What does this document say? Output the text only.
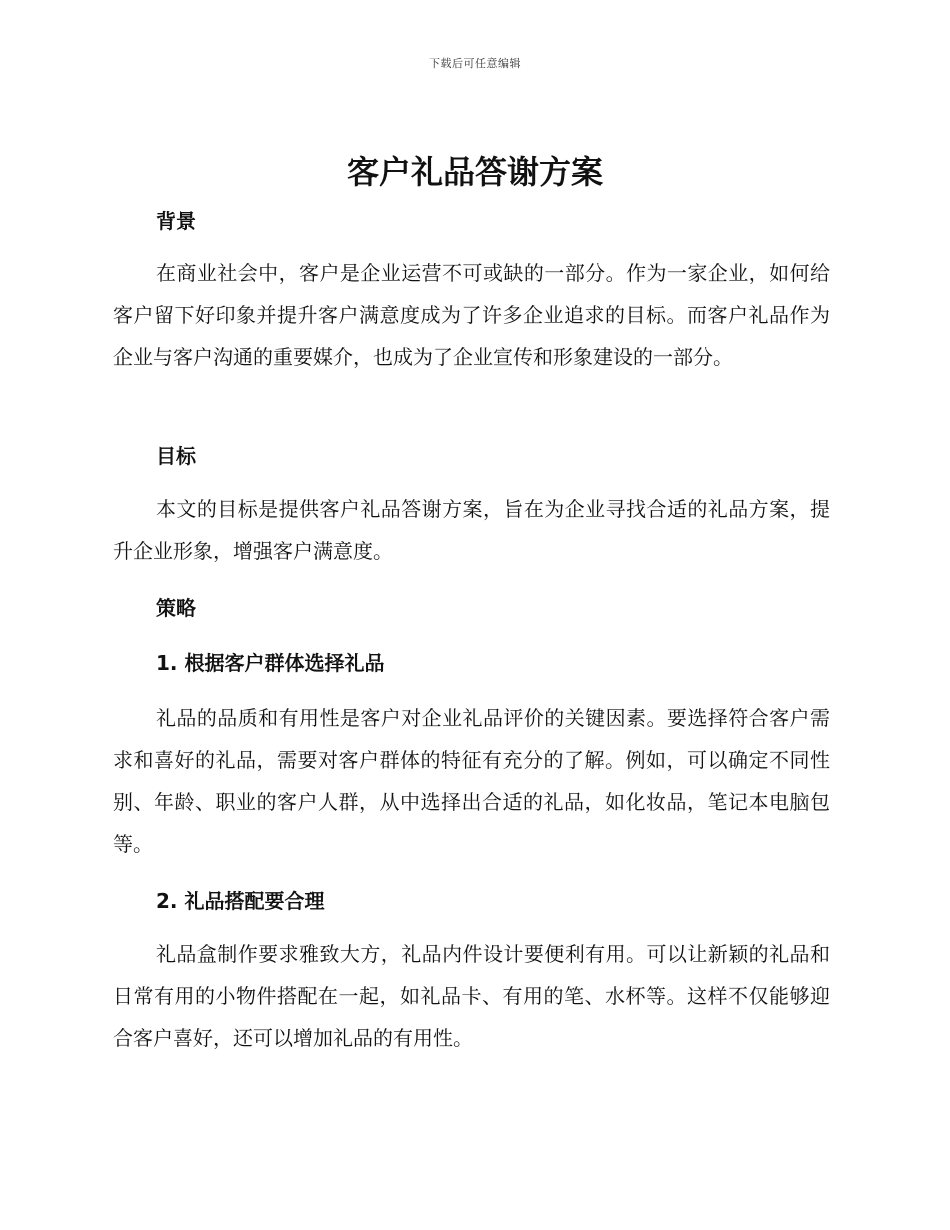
下载后可任意编辑
客户礼品答谢方案
背景

在商业社会中，客户是企业运营不可或缺的一部分。作为一家企业，如何给客户留下好印象并提升客户满意度成为了许多企业追求的目标。而客户礼品作为企业与客户沟通的重要媒介，也成为了企业宣传和形象建设的一部分。

目标

本文的目标是提供客户礼品答谢方案，旨在为企业寻找合适的礼品方案，提升企业形象，增强客户满意度。

策略
1. 根据客户群体选择礼品

礼品的品质和有用性是客户对企业礼品评价的关键因素。要选择符合客户需求和喜好的礼品，需要对客户群体的特征有充分的了解。例如，可以确定不同性别、年龄、职业的客户人群，从中选择出合适的礼品，如化妆品，笔记本电脑包等。

2. 礼品搭配要合理

礼品盒制作要求雅致大方，礼品内件设计要便利有用。可以让新颖的礼品和日常有用的小物件搭配在一起，如礼品卡、有用的笔、水杯等。这样不仅能够迎合客户喜好，还可以增加礼品的有用性。
